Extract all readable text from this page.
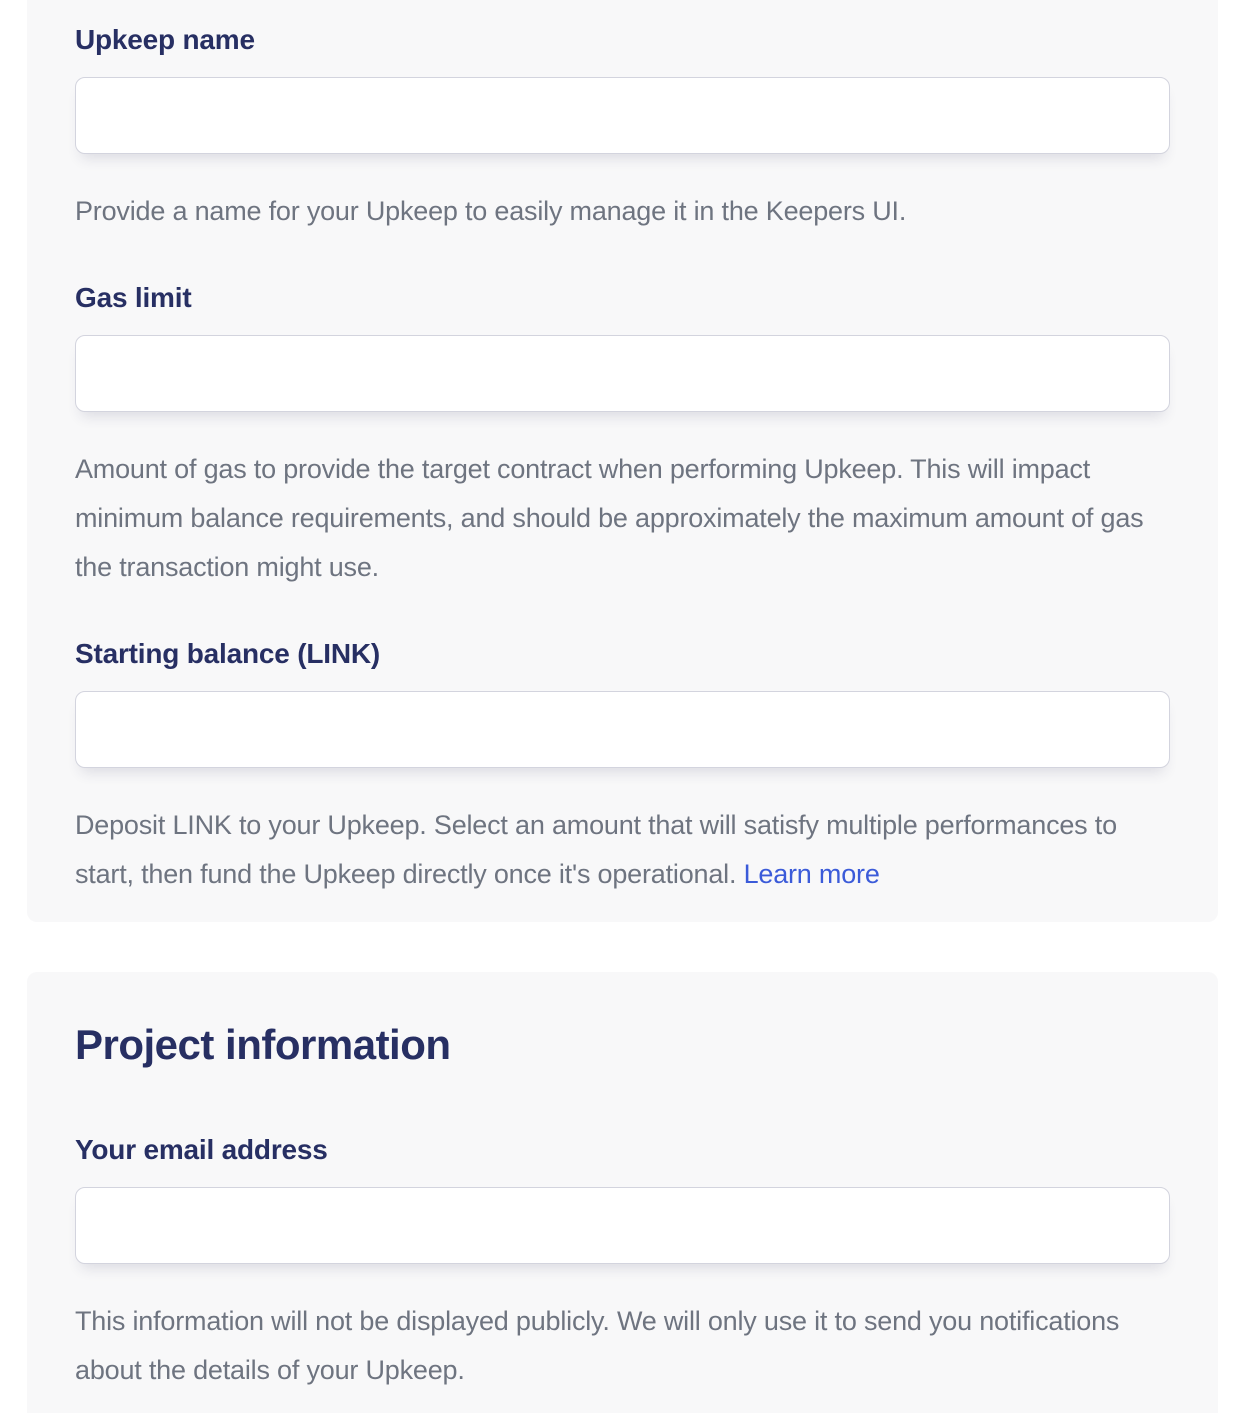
Upkeep name

Provide a name for your Upkeep to easily manage it in the Keepers UI.

Gas limit

Amount of gas to provide the target contract when performing Upkeep. This will impact minimum balance requirements, and should be approximately the maximum amount of gas the transaction might use.

Starting balance (LINK)

Deposit LINK to your Upkeep. Select an amount that will satisfy multiple performances to start, then fund the Upkeep directly once it's operational. Learn more

Project information
Your email address

This information will not be displayed publicly. We will only use it to send you notifications about the details of your Upkeep.
